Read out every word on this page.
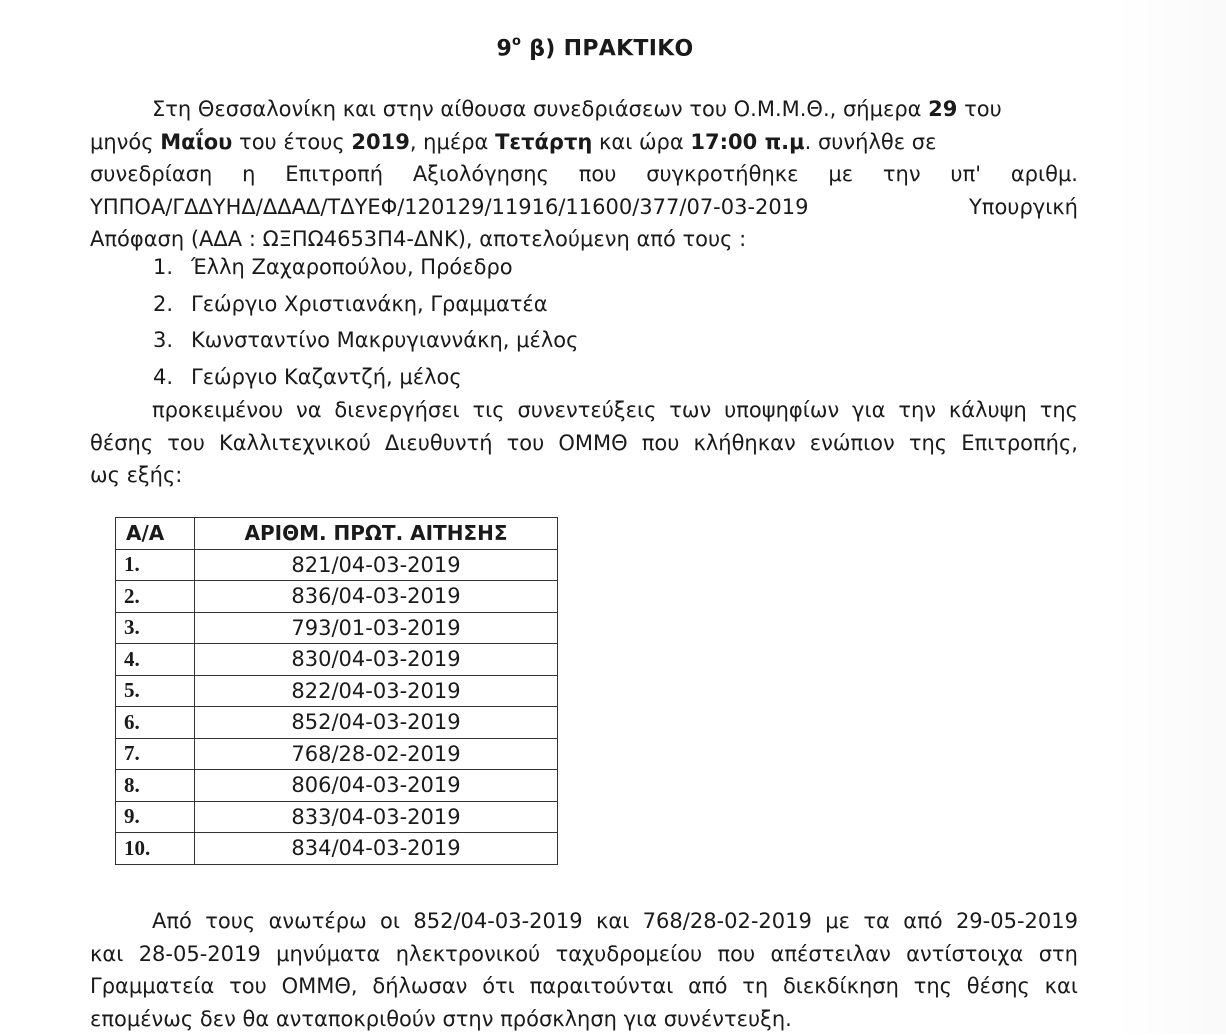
$9^o$ β) ΠΡΑΚΤΙΚΟ
Στη Θεσσαλονίκη και στην αίθουσα συνεδριάσεων του Ο.Μ.Μ.Θ., σήμερα 29 του
μηνός Μαΐου του έτους 2019, ημέρα Τετάρτη και ώρα 17:00 π.μ. συνήλθε σε
συνεδρίαση η Επιτροπή Αξιολόγησης που συγκροτήθηκε με την υπ' αριθμ.
ΥΠΠΟΑ/ΓΔΔΥΗΔ/ΔΔΑΔ/ΤΔΥΕΦ/120129/11916/11600/377/07-03-2019	Υπουργική
Απόφαση (ΑΔΑ : ΩΞΠΩ4653Π4-ΔΝΚ), αποτελούμενη από τους :
1. Έλλη Ζαχαροπούλου, Πρόεδρο
2. Γεώργιο Χριστιανάκη, Γραμματέα
3. Κωνσταντίνο Μακρυγιαννάκη, μέλος
4. Γεώργιο Καζαντζή, μέλος
προκειμένου να διενεργήσει τις συνεντεύξεις των υποψηφίων για την κάλυψη της
θέσης του Καλλιτεχνικού Διευθυντή του ΟΜΜΘ που κλήθηκαν ενώπιον της Επιτροπής,
ως εξής:
Α/Α	ΑΡΙΘΜ. ΠΡΩΤ. ΑΙΤΗΣΗΣ
1.	821/04-03-2019
2.	836/04-03-2019
3.	793/01-03-2019
4.	830/04-03-2019
5.	822/04-03-2019
6.	852/04-03-2019
7.	768/28-02-2019
8.	806/04-03-2019
9.	833/04-03-2019
10.	834/04-03-2019
Από τους ανωτέρω οι 852/04-03-2019 και 768/28-02-2019 με τα από 29-05-2019
και 28-05-2019 μηνύματα ηλεκτρονικού ταχυδρομείου που απέστειλαν αντίστοιχα στη
Γραμματεία του ΟΜΜΘ, δήλωσαν ότι παραιτούνται από τη διεκδίκηση της θέσης και
επομένως δεν θα ανταποκριθούν στην πρόσκληση για συνέντευξη.
